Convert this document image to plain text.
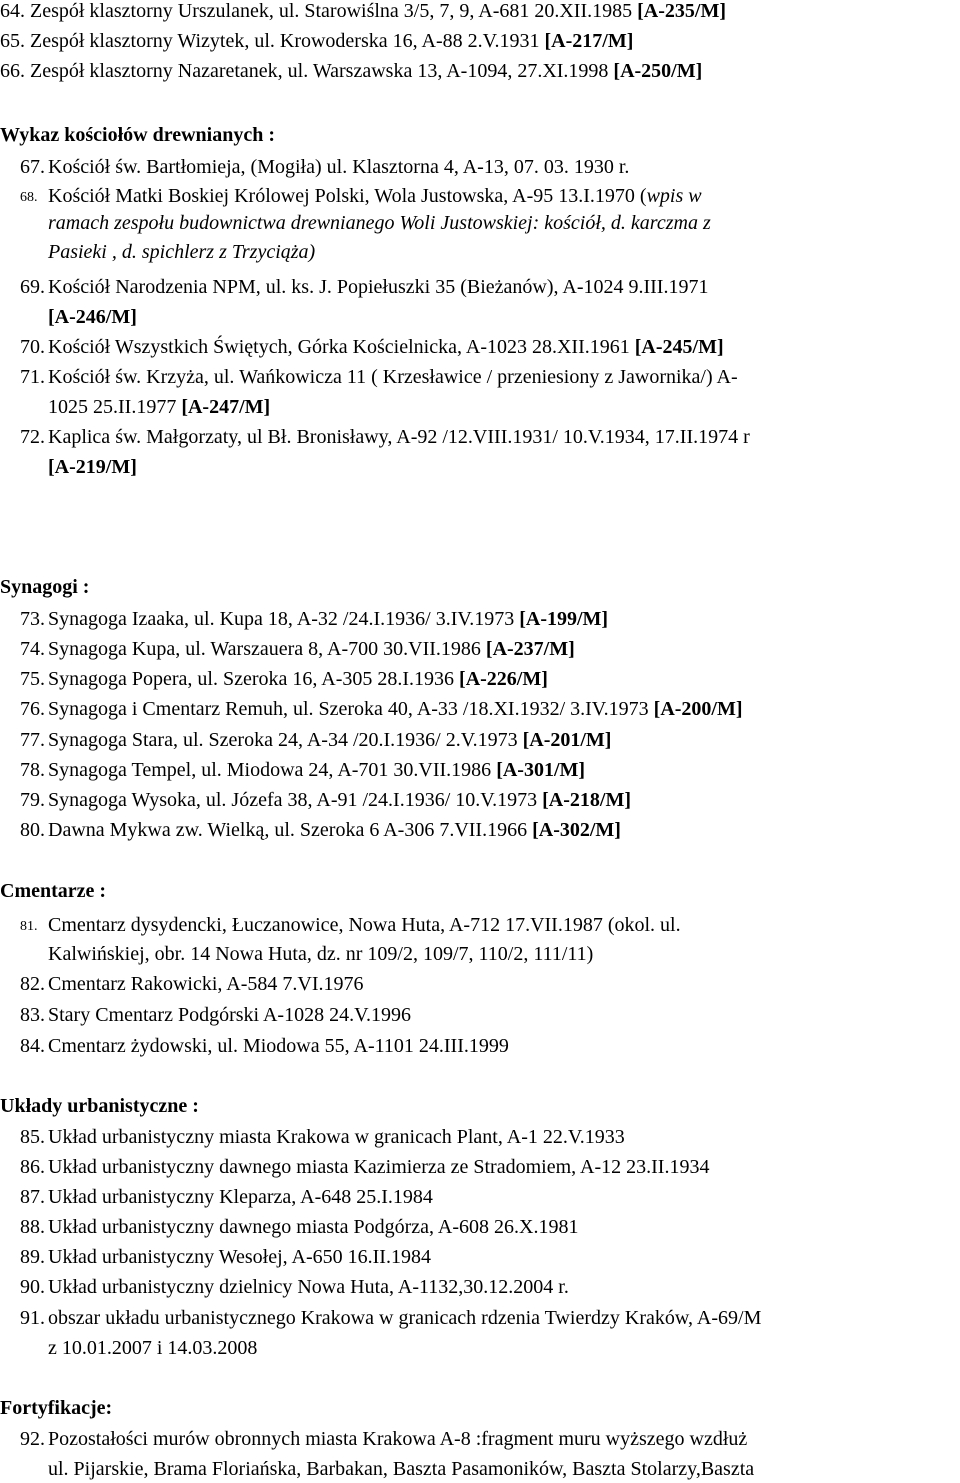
64. Zespół klasztorny Urszulanek, ul. Starowiślna 3/5, 7, 9, A-681 20.XII.1985 [A-235/M]
65. Zespół klasztorny Wizytek, ul. Krowoderska 16, A-88 2.V.1931 [A-217/M]
66. Zespół klasztorny Nazaretanek, ul. Warszawska 13, A-1094, 27.XI.1998 [A-250/M]
Wykaz kościołów drewnianych :
67. Kościół św. Bartłomieja, (Mogiła) ul. Klasztorna 4, A-13, 07. 03. 1930 r.
68. Kościół Matki Boskiej Królowej Polski, Wola Justowska, A-95 13.I.1970 (wpis w
ramach zespołu budownictwa drewnianego Woli Justowskiej: kościół, d. karczma z
Pasieki , d. spichlerz z Trzyciąża)
69. Kościół Narodzenia NPM, ul. ks. J. Popiełuszki 35 (Bieżanów), A-1024 9.III.1971
[A-246/M]
70. Kościół Wszystkich Świętych, Górka Kościelnicka, A-1023 28.XII.1961 [A-245/M]
71. Kościół św. Krzyża, ul. Wańkowicza 11 ( Krzesławice / przeniesiony z Jawornika/) A-
1025 25.II.1977 [A-247/M]
72. Kaplica św. Małgorzaty, ul Bł. Bronisławy, A-92 /12.VIII.1931/ 10.V.1934, 17.II.1974 r
[A-219/M]
Synagogi :
73. Synagoga Izaaka, ul. Kupa 18, A-32 /24.I.1936/ 3.IV.1973 [A-199/M]
74. Synagoga Kupa, ul. Warszauera 8, A-700 30.VII.1986 [A-237/M]
75. Synagoga Popera, ul. Szeroka 16, A-305 28.I.1936 [A-226/M]
76. Synagoga i Cmentarz Remuh, ul. Szeroka 40, A-33 /18.XI.1932/ 3.IV.1973 [A-200/M]
77. Synagoga Stara, ul. Szeroka 24, A-34 /20.I.1936/ 2.V.1973 [A-201/M]
78. Synagoga Tempel, ul. Miodowa 24, A-701 30.VII.1986 [A-301/M]
79. Synagoga Wysoka, ul. Józefa 38, A-91 /24.I.1936/ 10.V.1973 [A-218/M]
80. Dawna Mykwa zw. Wielką, ul. Szeroka 6 A-306 7.VII.1966 [A-302/M]
Cmentarze :
81. Cmentarz dysydencki, Łuczanowice, Nowa Huta, A-712 17.VII.1987 (okol. ul.
Kalwińskiej, obr. 14 Nowa Huta, dz. nr 109/2, 109/7, 110/2, 111/11)
82. Cmentarz Rakowicki, A-584 7.VI.1976
83. Stary Cmentarz Podgórski A-1028 24.V.1996
84. Cmentarz żydowski, ul. Miodowa 55, A-1101 24.III.1999
Układy urbanistyczne :
85. Układ urbanistyczny miasta Krakowa w granicach Plant, A-1 22.V.1933
86. Układ urbanistyczny dawnego miasta Kazimierza ze Stradomiem, A-12 23.II.1934
87. Układ urbanistyczny Kleparza, A-648 25.I.1984
88. Układ urbanistyczny dawnego miasta Podgórza, A-608 26.X.1981
89. Układ urbanistyczny Wesołej, A-650 16.II.1984
90. Układ urbanistyczny dzielnicy Nowa Huta, A-1132,30.12.2004 r.
91. obszar układu urbanistycznego Krakowa w granicach rdzenia Twierdzy Kraków, A-69/M
z 10.01.2007 i 14.03.2008
Fortyfikacje:
92. Pozostałości murów obronnych miasta Krakowa A-8 :fragment muru wyższego wzdłuż
ul. Pijarskie, Brama Floriańska, Barbakan, Baszta Pasamoników, Baszta Stolarzy,Baszta
